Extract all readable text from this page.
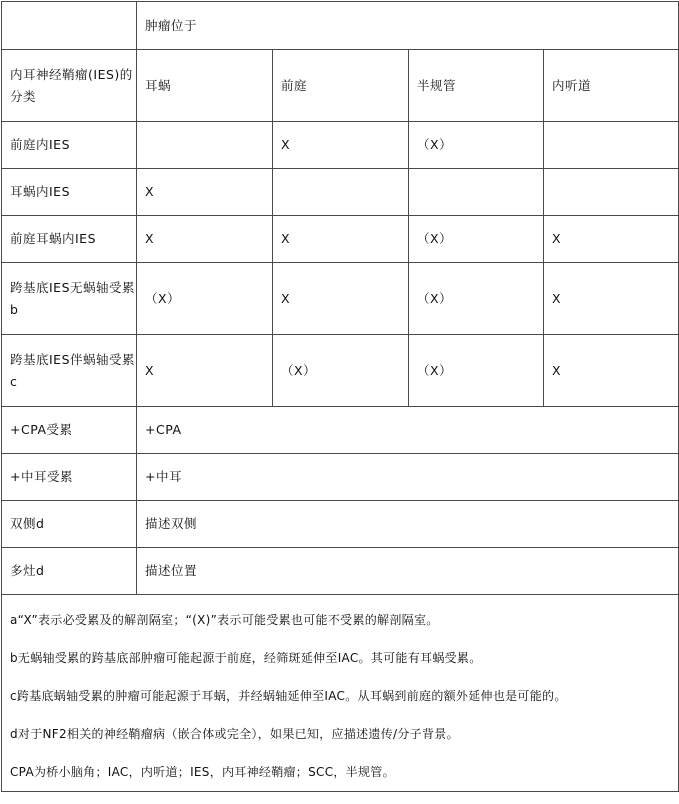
	肿瘤位于			
内耳神经鞘瘤(IES)的分类	耳蜗	前庭	半规管	内听道
前庭内IES		X	（X）	
耳蜗内IES	X			
前庭耳蜗内IES	X	X	（X）	X
跨基底IES无蜗轴受累b	（X）	X	（X）	X
跨基底IES伴蜗轴受累c	X	（X）	（X）	X
+CPA受累	+CPA			
+中耳受累	+中耳			
双侧d	描述双侧			
多灶d	描述位置			

a“X”表示必受累及的解剖隔室；“(X)”表示可能受累也可能不受累的解剖隔室。

b无蜗轴受累的跨基底部肿瘤可能起源于前庭，经筛斑延伸至IAC。其可能有耳蜗受累。

c跨基底蜗轴受累的肿瘤可能起源于耳蜗，并经蜗轴延伸至IAC。从耳蜗到前庭的额外延伸也是可能的。

d对于NF2相关的神经鞘瘤病（嵌合体或完全），如果已知，应描述遗传/分子背景。

CPA为桥小脑角；IAC，内听道；IES，内耳神经鞘瘤；SCC，半规管。				
